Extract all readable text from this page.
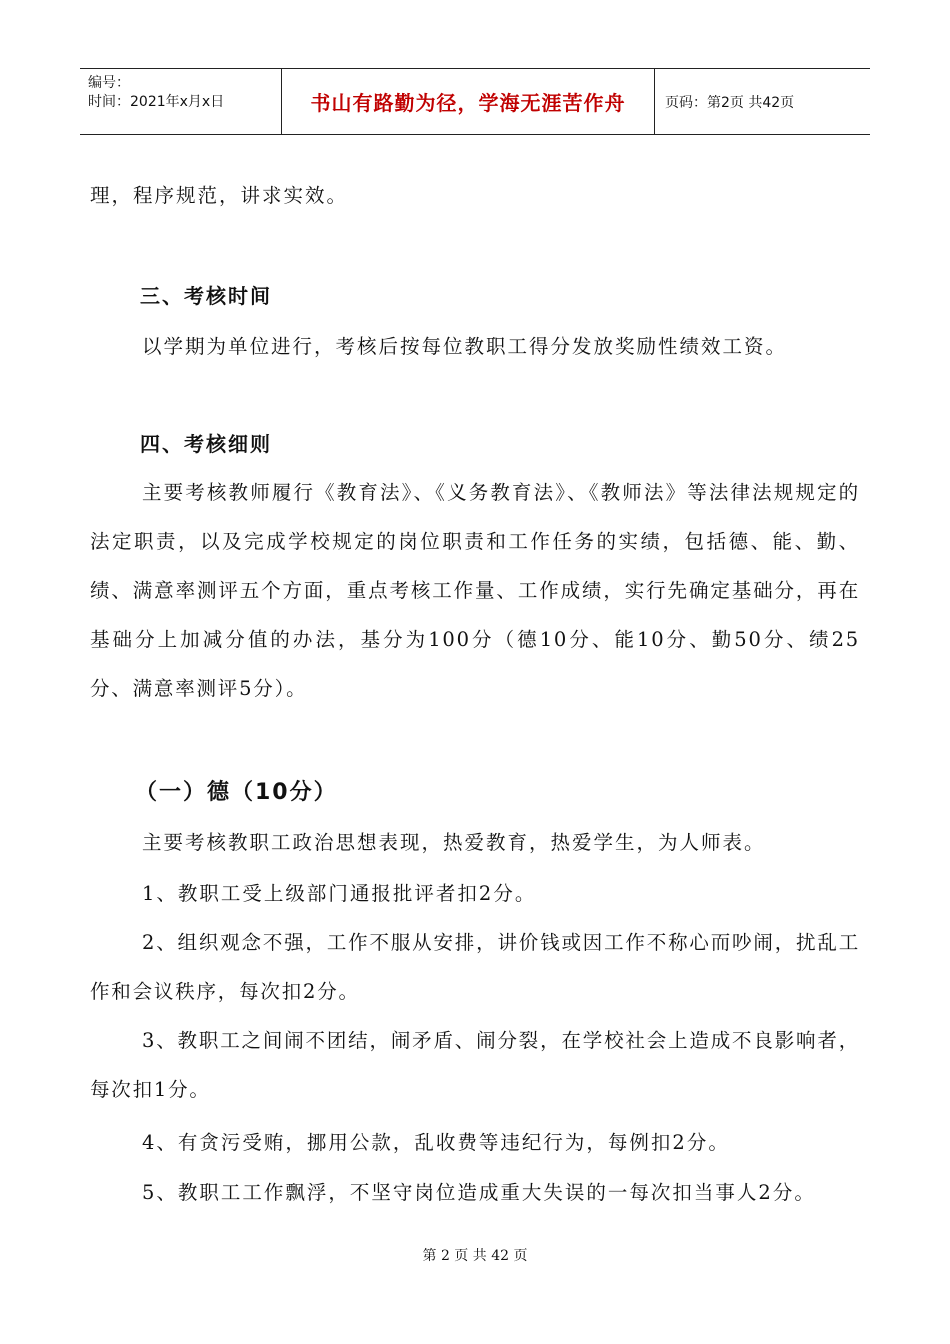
编号：
时间：2021年x月x日	书山有路勤为径，学海无涯苦作舟	页码：第2页 共42页
理，程序规范，讲求实效。
三、考核时间
以学期为单位进行，考核后按每位教职工得分发放奖励性绩效工资。
四、考核细则
主要考核教师履行《教育法》、《义务教育法》、《教师法》等法律法规规定的法定职责，以及完成学校规定的岗位职责和工作任务的实绩，包括德、能、勤、绩、满意率测评五个方面，重点考核工作量、工作成绩，实行先确定基础分，再在基础分上加减分值的办法，基分为100分（德10分、能10分、勤50分、绩25分、满意率测评5分）。
（一）德（10分）
主要考核教职工政治思想表现，热爱教育，热爱学生，为人师表。
1、教职工受上级部门通报批评者扣2分。
2、组织观念不强，工作不服从安排，讲价钱或因工作不称心而吵闹，扰乱工作和会议秩序，每次扣2分。
3、教职工之间闹不团结，闹矛盾、闹分裂，在学校社会上造成不良影响者，每次扣1分。
4、有贪污受贿，挪用公款，乱收费等违纪行为，每例扣2分。
5、教职工工作飘浮，不坚守岗位造成重大失误的一每次扣当事人2分。
第 2 页 共 42 页
